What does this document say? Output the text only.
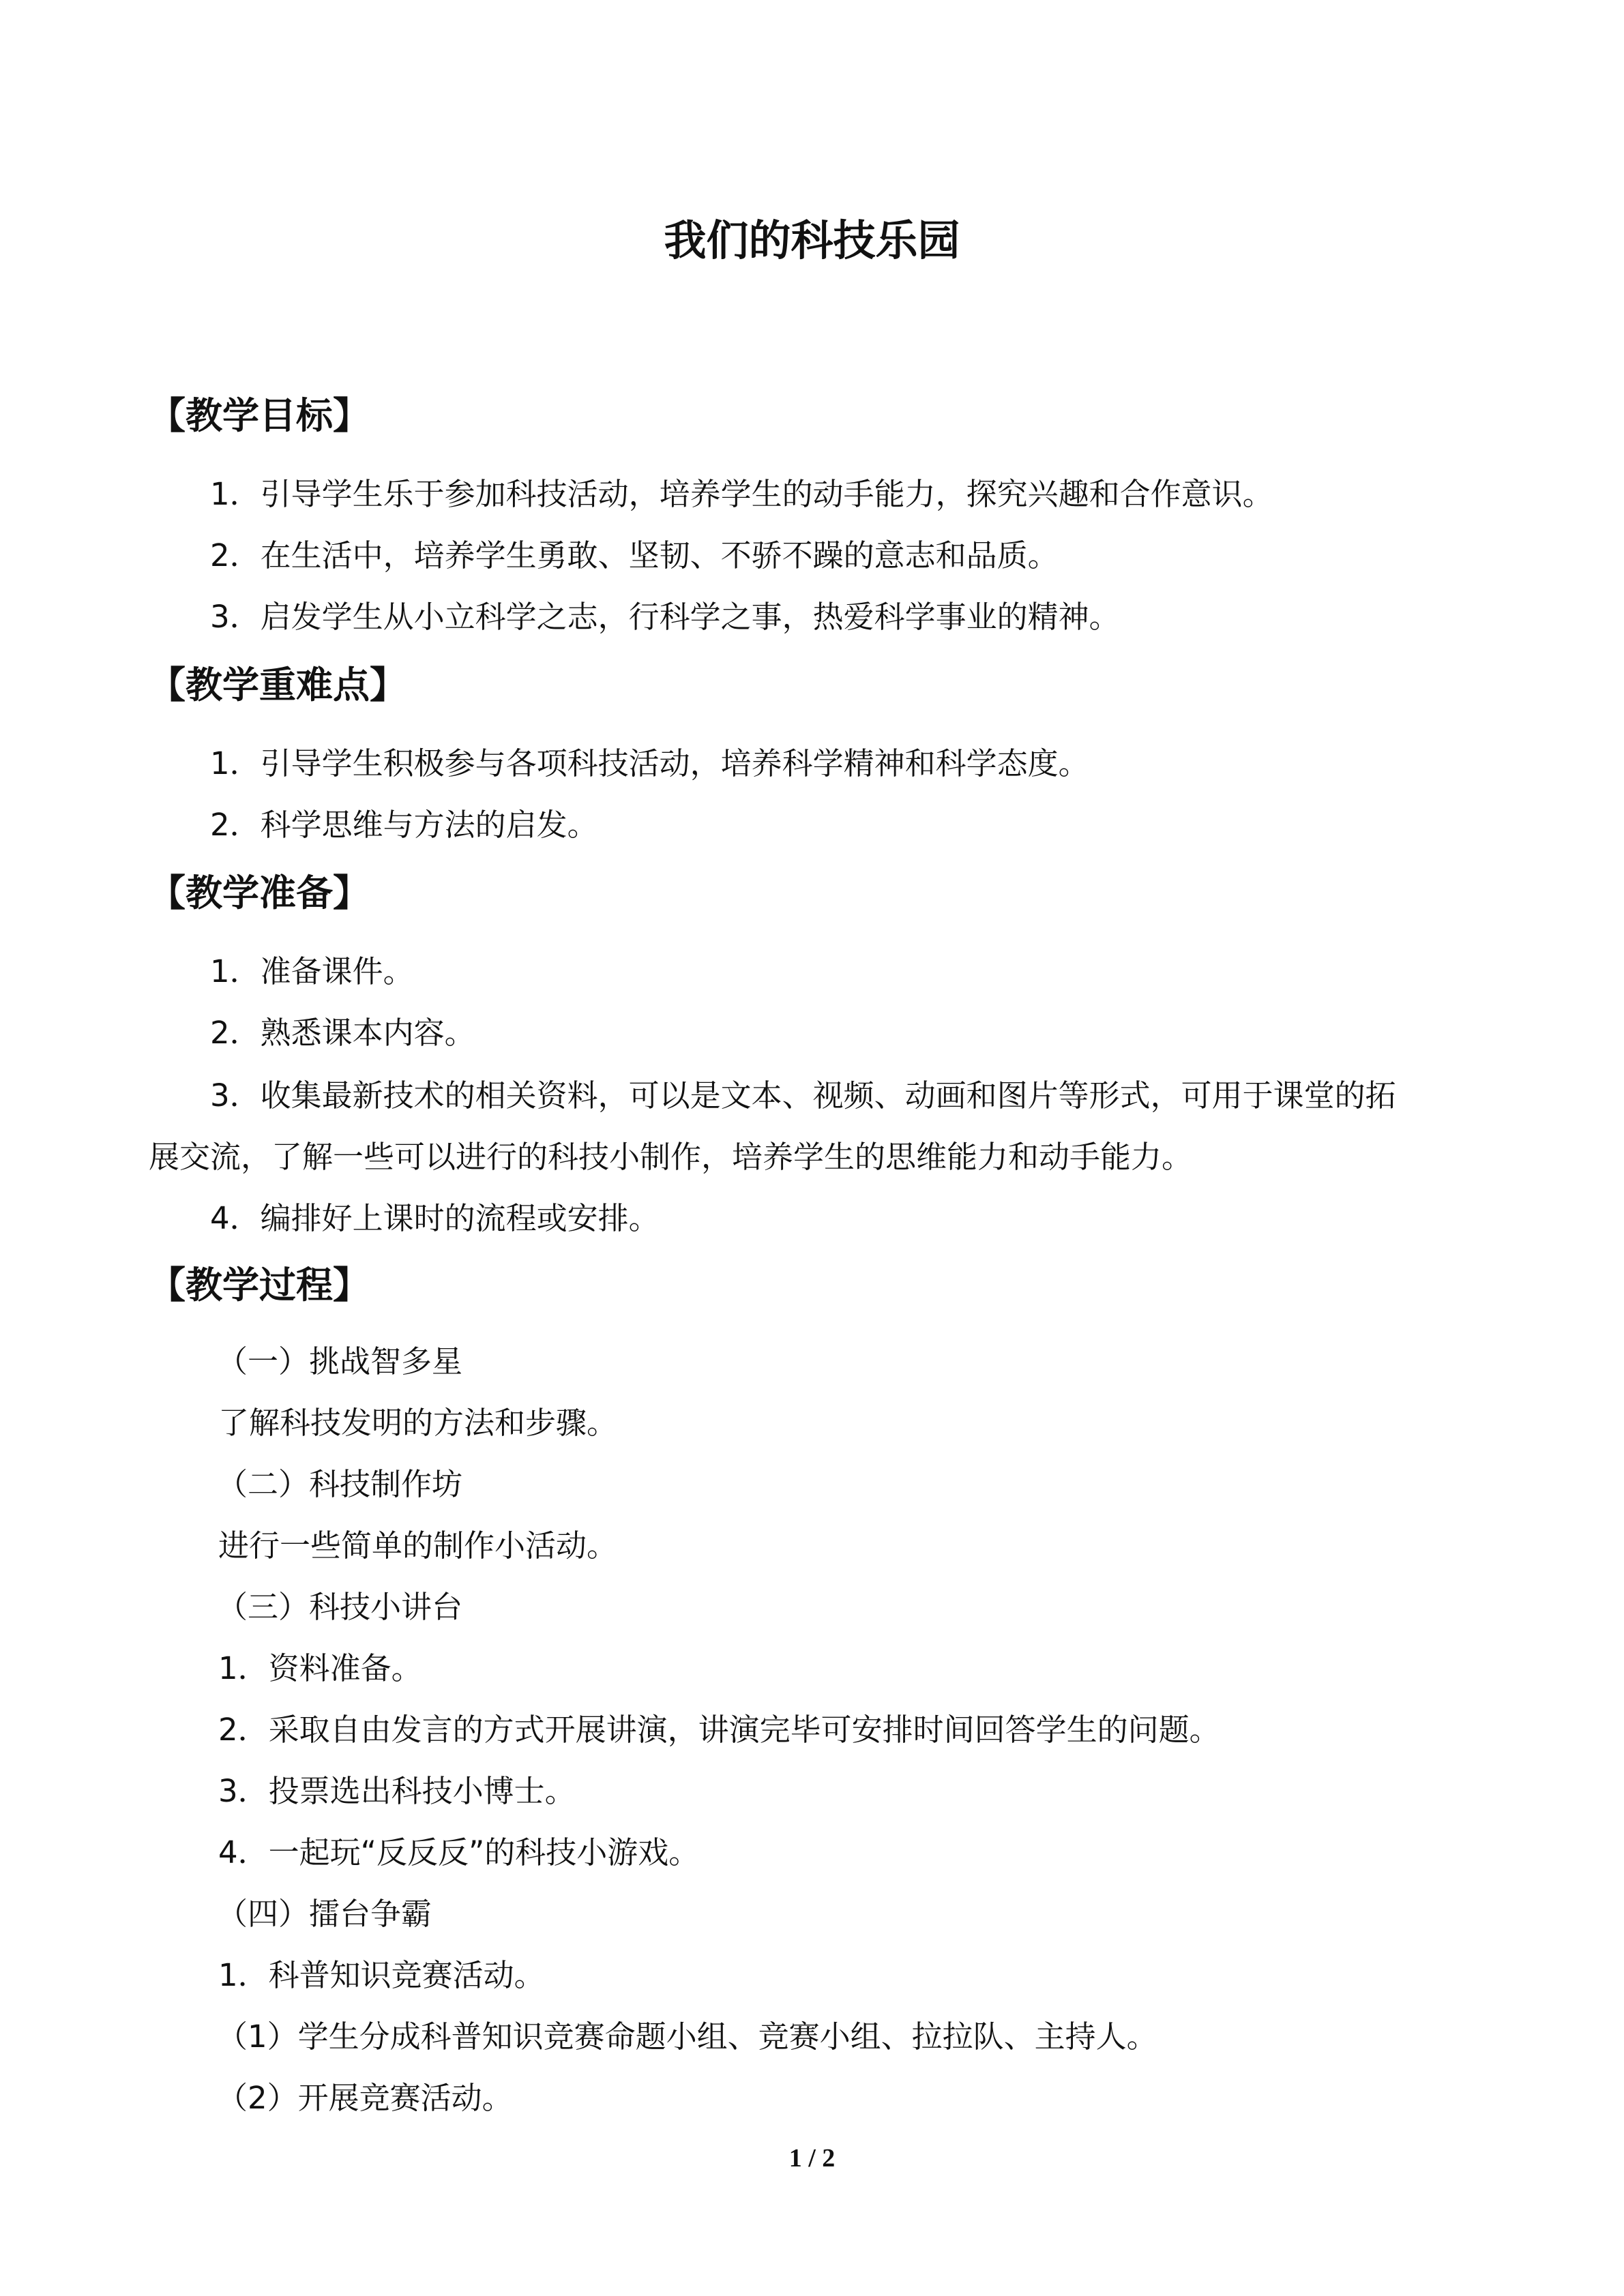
我们的科技乐园
【教学目标】
1．引导学生乐于参加科技活动，培养学生的动手能力，探究兴趣和合作意识。
2．在生活中，培养学生勇敢、坚韧、不骄不躁的意志和品质。
3．启发学生从小立科学之志，行科学之事，热爱科学事业的精神。
【教学重难点】
1．引导学生积极参与各项科技活动，培养科学精神和科学态度。
2．科学思维与方法的启发。
【教学准备】
1．准备课件。
2．熟悉课本内容。
3．收集最新技术的相关资料，可以是文本、视频、动画和图片等形式，可用于课堂的拓
展交流，了解一些可以进行的科技小制作，培养学生的思维能力和动手能力。
4．编排好上课时的流程或安排。
【教学过程】
（一）挑战智多星
了解科技发明的方法和步骤。
（二）科技制作坊
进行一些简单的制作小活动。
（三）科技小讲台
1．资料准备。
2．采取自由发言的方式开展讲演，讲演完毕可安排时间回答学生的问题。
3．投票选出科技小博士。
4．一起玩“反反反”的科技小游戏。
（四）擂台争霸
1．科普知识竞赛活动。
（1）学生分成科普知识竞赛命题小组、竞赛小组、拉拉队、主持人。
（2）开展竞赛活动。
1 / 2
